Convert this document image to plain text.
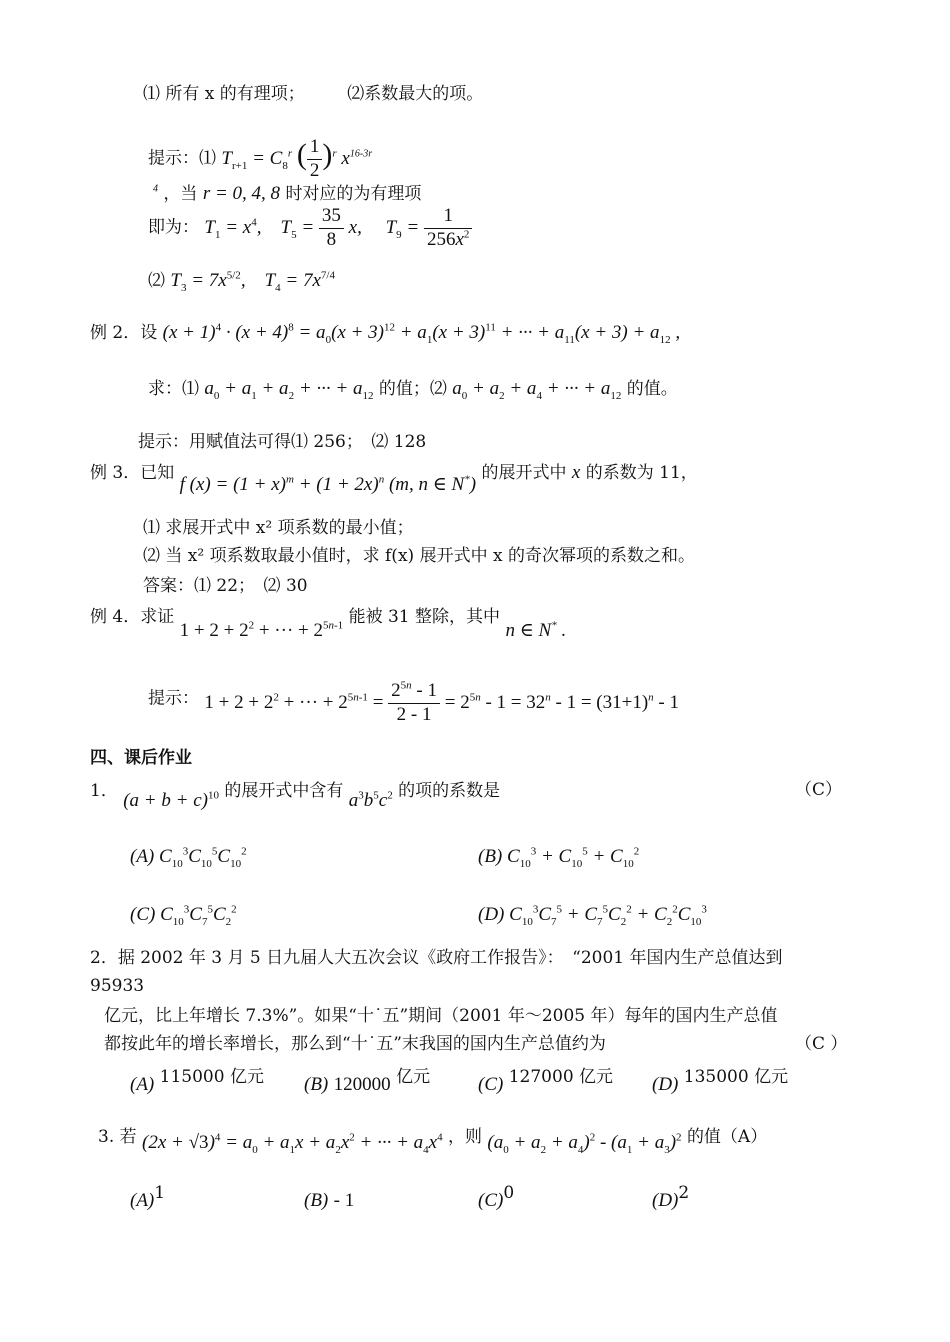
⑴ 所有 x 的有理项；　　　⑵系数最大的项。
提示：⑴ $T_{r+1} = C_8^r$ ( $\frac{1}{2} )^r$ $x^{16-3r 4}$ ，当 r = 0, 4, 8 时对应的为有理项
即为： $T_1 = x^4$,    $T_5 = \frac{35}{8} x$,     $T_9 = \frac{1}{256x^2}$
⑵ $T_3 = 7x^{5/2}$,    $T_4 = 7x^{7/4}$
例 2．设 $(x + 1)^4 \cdot (x + 4)^8 = a_0(x + 3)^{12} + a_1(x + 3)^{11}$ + ··· + $a_{11}(x + 3) + a_{12}$ ,
求：⑴ $a_0 + a_1 + a_2$ + ··· + $a_{12}$ 的值；⑵ $a_0 + a_2 + a_4$ + ··· + $a_{12}$ 的值。
提示：用赋值法可得⑴ 256；　⑵ 128
例 3．已知 f $(x) = (1 + x)^m + (1 + 2x)^n$ (m, n ∈ N*) 的展开式中 x 的系数为 11，
⑴ 求展开式中 x² 项系数的最小值；
⑵ 当 x² 项系数取最小值时，求 f(x) 展开式中 x 的奇次幂项的系数之和。
答案：⑴ 22；　⑵ 30
例 4．求证 $1 + 2 + 2^2$ + ··· + $2^{5n-1}$ 能被 31 整除，其中 n ∈ N* .
提示： $1 + 2 + 2^2$ + ··· + $2^{5n-1} = \frac{2^{5n} - 1}{2 - 1} = 2^{5n} - 1 = 32^n - 1 = (31+1)^n - 1$
四、课后作业
1． $(a + b + c)^{10}$ 的展开式中含有 $a^3b^5c^2$ 的项的系数是	（C）
(A) $C_{10}^3C_{10}^5C_{10}^2$	(B) $C_{10}^3 + C_{10}^5 + C_{10}^2$
(C) $C_{10}^3C_7^5C_2^2$	(D) $C_{10}^3C_7^5 + C_7^5C_2^2 + C_2^2C_{10}^3$
2．据 2002 年 3 月 5 日九届人大五次会议《政府工作报告》：　“2001 年国内生产总值达到
95933
亿元，比上年增长 7.3%”。如果“十˙五”期间（2001 年～2005 年）每年的国内生产总值
都按此年的增长率增长，那么到“十˙五”末我国的国内生产总值约为	（C ）
(A) 115000 亿元 (B) 120000 亿元	(C) 127000 亿元 (D) 135000 亿元
3. 若 $(2x + √3)^4 = a_0 + a_1x + a_2x^2$ + ··· + $a_4x^4$ ，则 $(a_0 + a_2 + a_4)^2 - (a_1 + a_3)^2$ 的值（A）
(A)1	(B) - 1	(C)0	(D)2
